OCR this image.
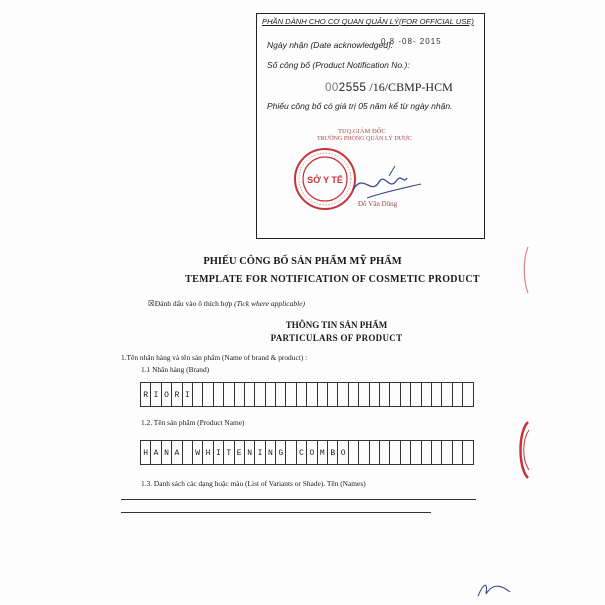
PHẦN DÀNH CHO CƠ QUAN QUẢN LÝ(FOR OFFICIAL USE)
Ngày nhận (Date acknowledged):
0 8 -08- 2015
Số công bố (Product Notification No.):
002555 /16/CBMP-HCM
Phiếu công bố có giá trị 05 năm kể từ ngày nhận.
TUQ.GIÁM ĐỐC
TRƯỞNG PHÒNG QUẢN LÝ DƯỢC
SỞ Y TẾ
Đỗ Văn Dũng
PHIẾU CÔNG BỐ SẢN PHẨM MỸ PHẨM
TEMPLATE FOR NOTIFICATION OF COSMETIC PRODUCT
☒Đánh dấu vào ô thích hợp (Tick where applicable)
THÔNG TIN SẢN PHẨM
PARTICULARS OF PRODUCT
1.Tên nhãn hàng và tên sản phẩm (Name of brand & product) :
1.1 Nhãn hàng (Brand)
R I O R I
1.2. Tên sản phẩm (Product Name)
H A N A	W H I T E N I N G	C O M B O
1.3. Danh sách các dạng hoặc màu (List of Variants or Shade). Tên (Names)
